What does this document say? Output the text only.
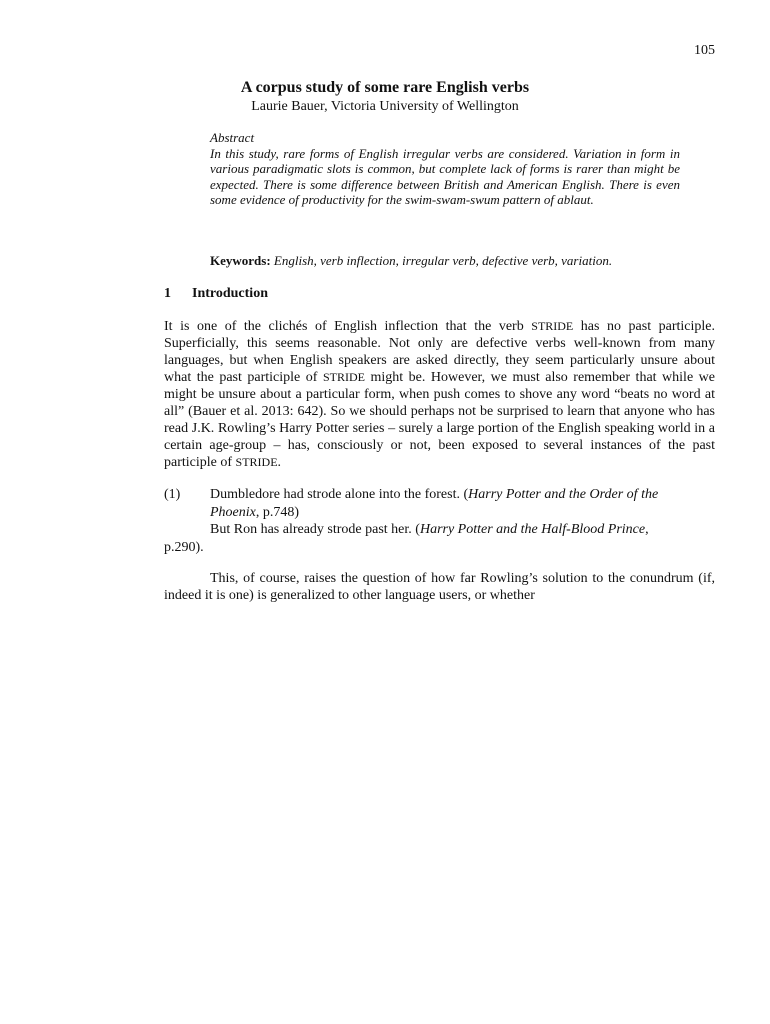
105

A corpus study of some rare English verbs

Laurie Bauer, Victoria University of Wellington

Abstract

In this study, rare forms of English irregular verbs are considered. Variation in form in various paradigmatic slots is common, but complete lack of forms is rarer than might be expected. There is some difference between British and American English. There is even some evidence of productivity for the swim-swam-swum pattern of ablaut.

Keywords: English, verb inflection, irregular verb, defective verb, variation.
1 Introduction

It is one of the clichés of English inflection that the verb STRIDE has no past participle. Superficially, this seems reasonable. Not only are defective verbs well-known from many languages, but when English speakers are asked directly, they seem particularly unsure about what the past participle of STRIDE might be. However, we must also remember that while we might be unsure about a particular form, when push comes to shove any word “beats no word at all” (Bauer et al. 2013: 642). So we should perhaps not be surprised to learn that anyone who has read J.K. Rowling’s Harry Potter series – surely a large portion of the English speaking world in a certain age-group – has, consciously or not, been exposed to several instances of the past participle of STRIDE.

(1) Dumbledore had strode alone into the forest. (Harry Potter and the Order of the
Phoenix, p.748)
But Ron has already strode past her. (Harry Potter and the Half-Blood Prince,
p.290).

This, of course, raises the question of how far Rowling’s solution to the conundrum (if, indeed it is one) is generalized to other language users, or whether
